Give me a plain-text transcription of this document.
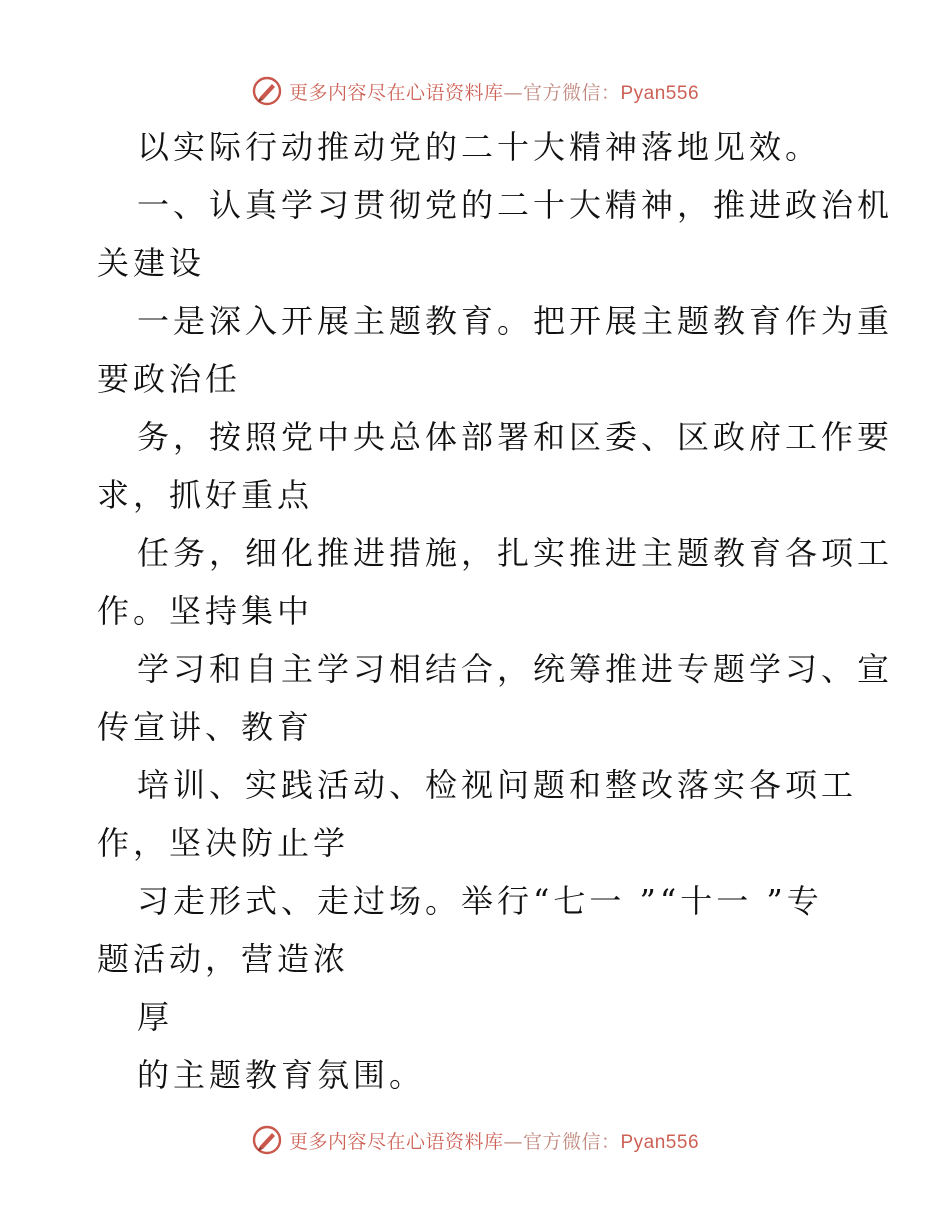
更多内容尽在心语资料库—官方微信：Pyan556
以实际行动推动党的二十大精神落地见效。
一、认真学习贯彻党的二十大精神，推进政治机
关建设
一是深入开展主题教育。把开展主题教育作为重
要政治任
务，按照党中央总体部署和区委、区政府工作要
求，抓好重点
任务，细化推进措施，扎实推进主题教育各项工
作。坚持集中
学习和自主学习相结合，统筹推进专题学习、宣
传宣讲、教育
培训、实践活动、检视问题和整改落实各项工
作，坚决防止学
习走形式、走过场。举行“七一 ”“十一 ”专
题活动，营造浓
厚
的主题教育氛围。
更多内容尽在心语资料库—官方微信：Pyan556
